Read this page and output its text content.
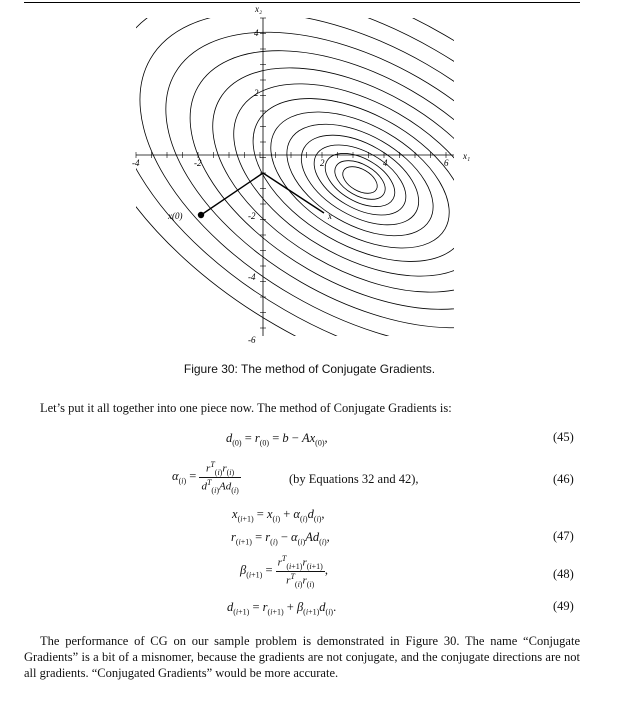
x₁
x₂
-4	-2	2	4	6
4
2
-2
-4
-6
x(0)	x
Figure 30: The method of Conjugate Gradients.
Let’s put it all together into one piece now. The method of Conjugate Gradients is:
$d_{(0)} = r_{(0)} = b - Ax_{(0)}$,	(45)
$\alpha_{(i)} = \frac{r^T_{(i)}r_{(i)}}{d^T_{(i)}Ad_{(i)}}$	(by Equations 32 and 42),	(46)
$x_{(i+1)} = x_{(i)} + \alpha_{(i)}d_{(i)}$,
$r_{(i+1)} = r_{(i)} - \alpha_{(i)}Ad_{(i)}$,	(47)
$\beta_{(i+1)} = \frac{r^T_{(i+1)}r_{(i+1)}}{r^T_{(i)}r_{(i)}}$ ,	(48)
$d_{(i+1)} = r_{(i+1)} + \beta_{(i+1)}d_{(i)}$.	(49)
The performance of CG on our sample problem is demonstrated in Figure 30. The name “Conjugate Gradients” is a bit of a misnomer, because the gradients are not conjugate, and the conjugate directions are not all gradients. “Conjugated Gradients” would be more accurate.
